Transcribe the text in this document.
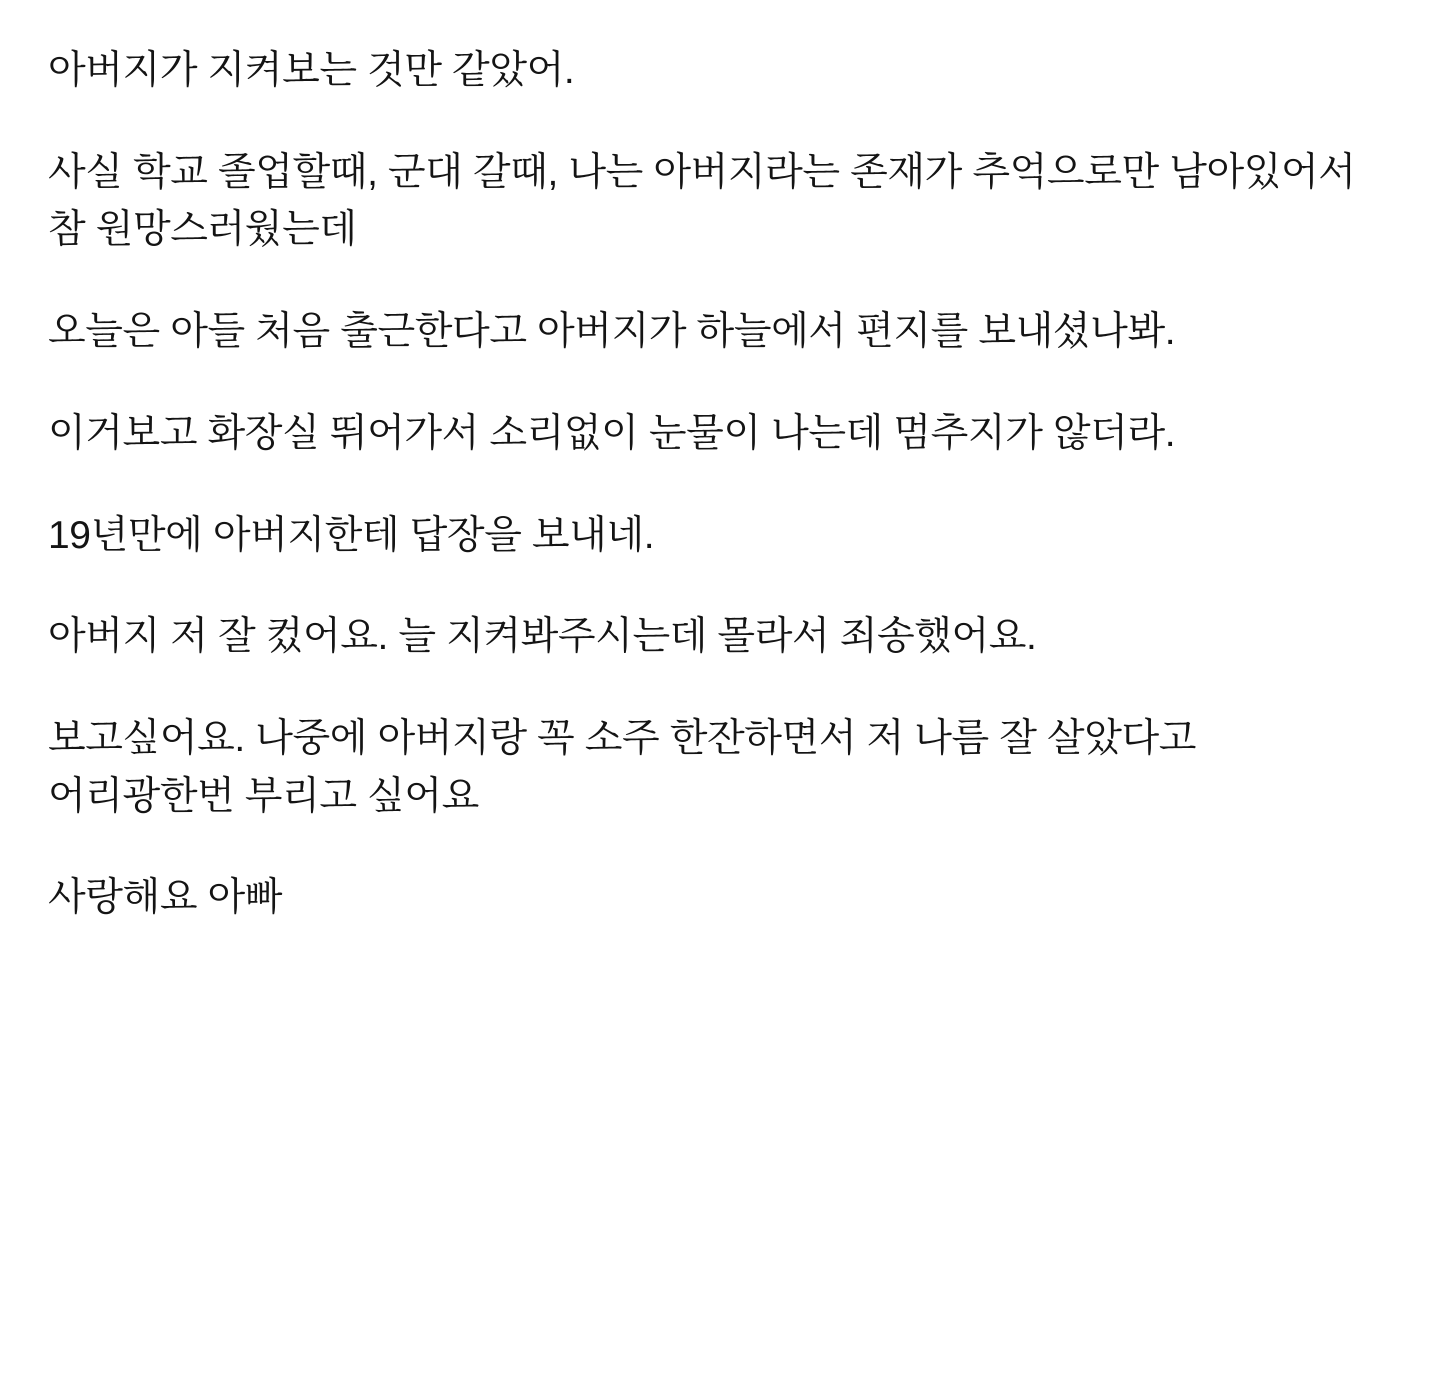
아버지가 지켜보는 것만 같았어.

사실 학교 졸업할때, 군대 갈때, 나는 아버지라는 존재가 추억으로만 남아있어서 참 원망스러웠는데

오늘은 아들 처음 출근한다고 아버지가 하늘에서 편지를 보내셨나봐.

이거보고 화장실 뛰어가서 소리없이 눈물이 나는데 멈추지가 않더라.

19년만에 아버지한테 답장을 보내네.

아버지 저 잘 컸어요. 늘 지켜봐주시는데 몰라서 죄송했어요.

보고싶어요. 나중에 아버지랑 꼭 소주 한잔하면서 저 나름 잘 살았다고 어리광한번 부리고 싶어요

사랑해요 아빠
